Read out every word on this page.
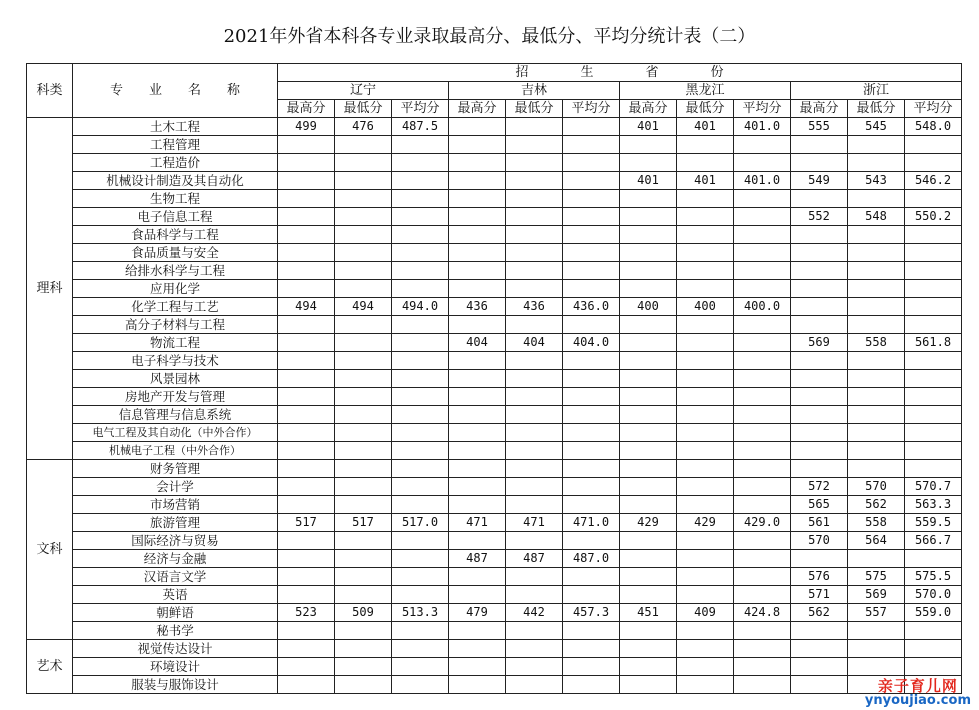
2021年外省本科各专业录取最高分、最低分、平均分统计表（二）
科类	专　　业　　名　　称	招　　　　生　　　　省　　　　份											
		辽宁			吉林			黑龙江			浙江		
		最高分	最低分	平均分	最高分	最低分	平均分	最高分	最低分	平均分	最高分	最低分	平均分
理科	土木工程	499	476	487.5				401	401	401.0	555	545	548.0
	工程管理												
	工程造价												
	机械设计制造及其自动化							401	401	401.0	549	543	546.2
	生物工程												
	电子信息工程										552	548	550.2
	食品科学与工程												
	食品质量与安全												
	给排水科学与工程												
	应用化学												
	化学工程与工艺	494	494	494.0	436	436	436.0	400	400	400.0			
	高分子材料与工程												
	物流工程				404	404	404.0				569	558	561.8
	电子科学与技术												
	风景园林												
	房地产开发与管理												
	信息管理与信息系统												
	电气工程及其自动化（中外合作）												
	机械电子工程（中外合作）												
文科	财务管理												
	会计学										572	570	570.7
	市场营销										565	562	563.3
	旅游管理	517	517	517.0	471	471	471.0	429	429	429.0	561	558	559.5
	国际经济与贸易										570	564	566.7
	经济与金融				487	487	487.0						
	汉语言文学										576	575	575.5
	英语										571	569	570.0
	朝鲜语	523	509	513.3	479	442	457.3	451	409	424.8	562	557	559.0
	秘书学												
艺术	视觉传达设计												
	环境设计												
	服装与服饰设计													亲子育儿网
ynyoujiao.com
